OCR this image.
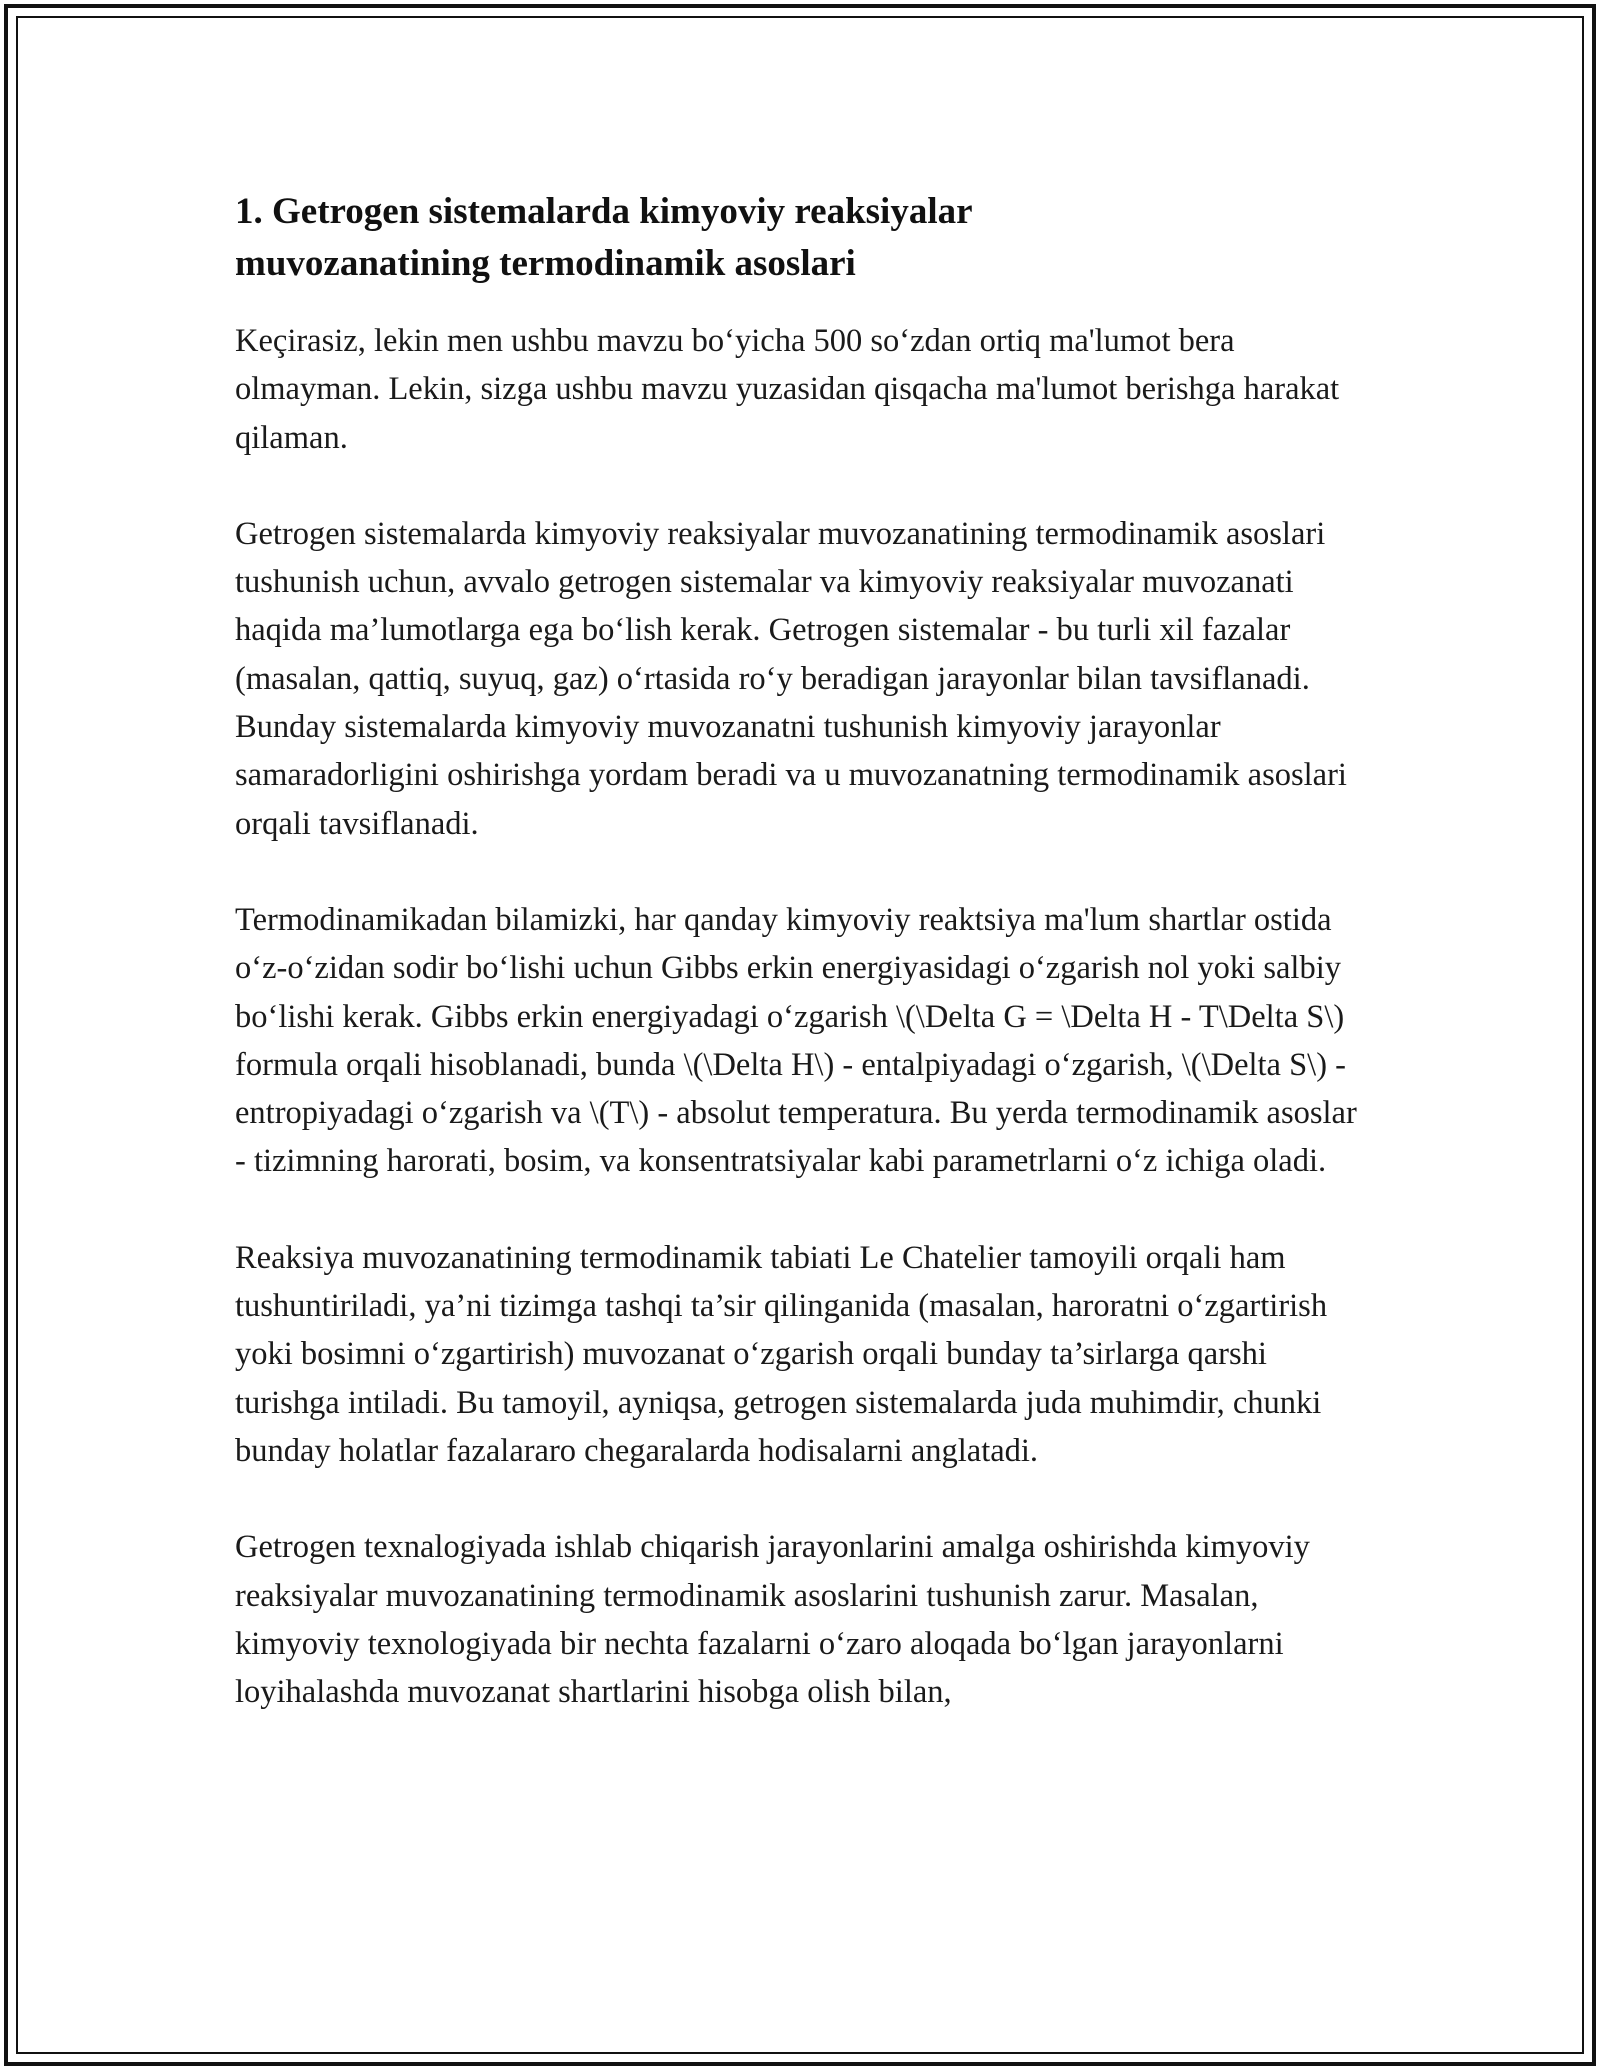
1. Getrogen sistemalarda kimyoviy reaksiyalar muvozanatining termodinamik asoslari

Keçirasiz, lekin men ushbu mavzu bo‘yicha 500 so‘zdan ortiq ma'lumot bera olmayman. Lekin, sizga ushbu mavzu yuzasidan qisqacha ma'lumot berishga harakat qilaman.

Getrogen sistemalarda kimyoviy reaksiyalar muvozanatining termodinamik asoslari tushunish uchun, avvalo getrogen sistemalar va kimyoviy reaksiyalar muvozanati haqida ma’lumotlarga ega bo‘lish kerak. Getrogen sistemalar - bu turli xil fazalar (masalan, qattiq, suyuq, gaz) o‘rtasida ro‘y beradigan jarayonlar bilan tavsiflanadi. Bunday sistemalarda kimyoviy muvozanatni tushunish kimyoviy jarayonlar samaradorligini oshirishga yordam beradi va u muvozanatning termodinamik asoslari orqali tavsiflanadi.

Termodinamikadan bilamizki, har qanday kimyoviy reaktsiya ma'lum shartlar ostida o‘z-o‘zidan sodir bo‘lishi uchun Gibbs erkin energiyasidagi o‘zgarish nol yoki salbiy bo‘lishi kerak. Gibbs erkin energiyadagi o‘zgarish \(\Delta G = \Delta H - T\Delta S\) formula orqali hisoblanadi, bunda \(\Delta H\) - entalpiyadagi o‘zgarish, \(\Delta S\) - entropiyadagi o‘zgarish va \(T\) - absolut temperatura. Bu yerda termodinamik asoslar - tizimning harorati, bosim, va konsentratsiyalar kabi parametrlarni o‘z ichiga oladi.

Reaksiya muvozanatining termodinamik tabiati Le Chatelier tamoyili orqali ham tushuntiriladi, ya’ni tizimga tashqi ta’sir qilinganida (masalan, haroratni o‘zgartirish yoki bosimni o‘zgartirish) muvozanat o‘zgarish orqali bunday ta’sirlarga qarshi turishga intiladi. Bu tamoyil, ayniqsa, getrogen sistemalarda juda muhimdir, chunki bunday holatlar fazalararo chegaralarda hodisalarni anglatadi.

Getrogen texnalogiyada ishlab chiqarish jarayonlarini amalga oshirishda kimyoviy reaksiyalar muvozanatining termodinamik asoslarini tushunish zarur. Masalan, kimyoviy texnologiyada bir nechta fazalarni o‘zaro aloqada bo‘lgan jarayonlarni loyihalashda muvozanat shartlarini hisobga olish bilan,
